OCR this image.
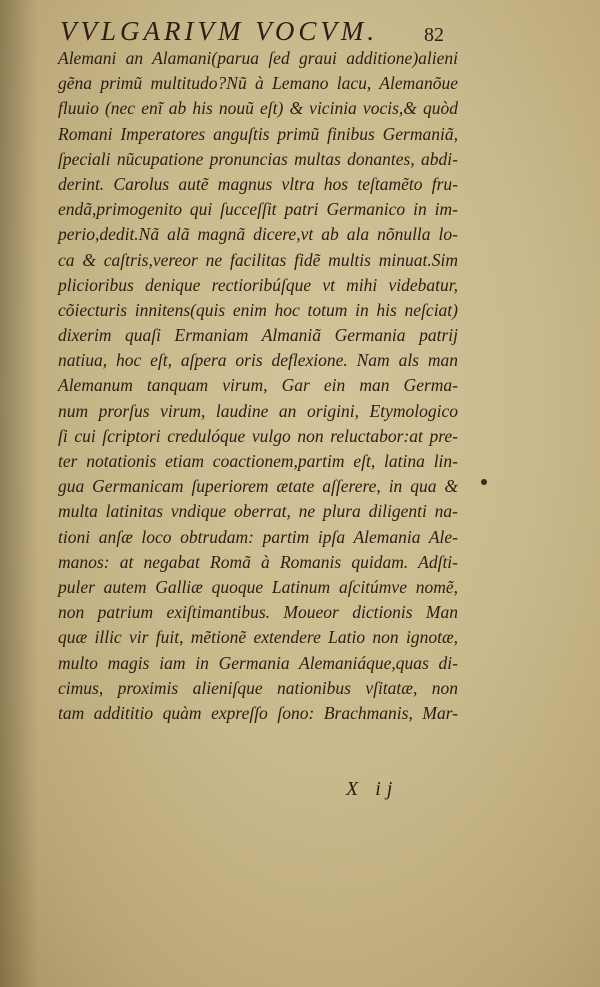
VVLGARIVM VOCVM. 82
Alemani an Alamani(parua ſed graui additione)alieni
gẽna primũ multitudo?Nũ à Lemano lacu, Alemanõue
fluuio (nec enĩ ab his nouũ eſt) & vicinia vocis,& quòd
Romani Imperatores anguſtis primũ finibus Germaniã,
ſpeciali nũcupatione pronuncias multas donantes, abdi-
derint. Carolus autẽ magnus vltra hos teſtamẽto fru-
endã,primogenito qui ſucceſſit patri Germanico in im-
perio,dedit.Nã alã magnã dicere,vt ab ala nõnulla lo-
ca & caſtris,vereor ne facilitas fidẽ multis minuat.Sim
plicioribus denique rectioribúſque vt mihi videbatur,
cõiecturis innitens(quis enim hoc totum in his neſciat)
dixerim quaſi Ermaniam Almaniã Germania patrij
natiua, hoc eſt, aſpera oris deflexione. Nam als man
Alemanum tanquam virum, Gar ein man Germa-
num prorſus virum, laudine an origini, Etymologico
ſi cui ſcriptori credulóque vulgo non reluctabor:at pre-
ter notationis etiam coactionem,partim eſt, latina lin-
gua Germanicam ſuperiorem ætate aſſerere, in qua &
multa latinitas vndique oberrat, ne plura diligenti na-
tioni anſæ loco obtrudam: partim ipſa Alemania Ale-
manos: at negabat Romã à Romanis quidam. Adſti-
puler autem Galliæ quoque Latinum aſcitúmve nomẽ,
non patrium exiſtimantibus. Moueor dictionis Man
quæ illic vir fuit, mẽtionẽ extendere Latio non ignotæ,
multo magis iam in Germania Alemaniáque,quas di-
cimus, proximis alieniſque nationibus vſitatæ, non
tam addititio quàm expreſſo ſono: Brachmanis, Mar-
X ij
